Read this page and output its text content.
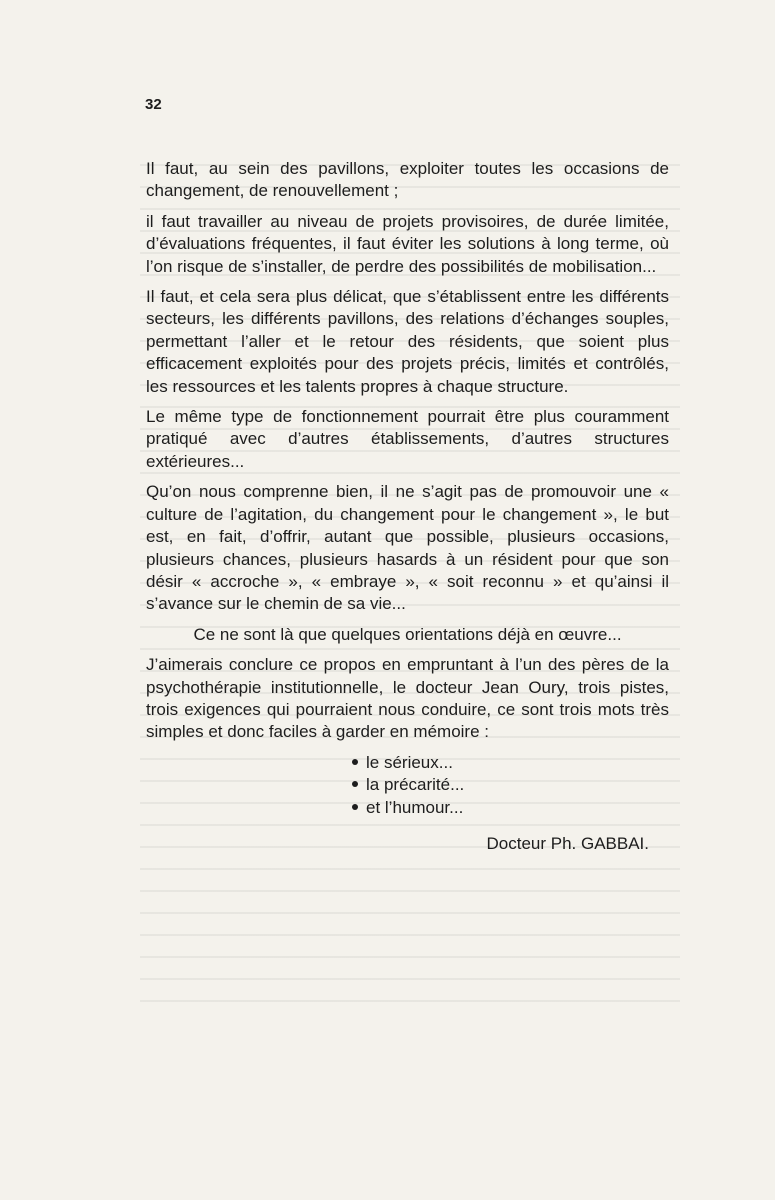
32

Il faut, au sein des pavillons, exploiter toutes les occasions de changement, de renouvellement ;

il faut travailler au niveau de projets provisoires, de durée limitée, d’évaluations fréquentes, il faut éviter les solutions à long terme, où l’on risque de s’installer, de perdre des possibilités de mobilisation...

Il faut, et cela sera plus délicat, que s’établissent entre les différents secteurs, les différents pavillons, des relations d’échanges souples, permettant l’aller et le retour des résidents, que soient plus efficacement exploités pour des projets précis, limités et contrôlés, les ressources et les talents propres à chaque structure.

Le même type de fonctionnement pourrait être plus couramment pratiqué avec d’autres établissements, d’autres structures extérieures...

Qu’on nous comprenne bien, il ne s’agit pas de promouvoir une « culture de l’agitation, du changement pour le changement », le but est, en fait, d’offrir, autant que possible, plusieurs occasions, plusieurs chances, plusieurs hasards à un résident pour que son désir « accroche », « embraye », « soit reconnu » et qu’ainsi il s’avance sur le chemin de sa vie...

Ce ne sont là que quelques orientations déjà en œuvre...

J’aimerais conclure ce propos en empruntant à l’un des pères de la psychothérapie institutionnelle, le docteur Jean Oury, trois pistes, trois exigences qui pourraient nous conduire, ce sont trois mots très simples et donc faciles à garder en mémoire :

le sérieux...
la précarité...
et l’humour...
Docteur Ph. GABBAI.
